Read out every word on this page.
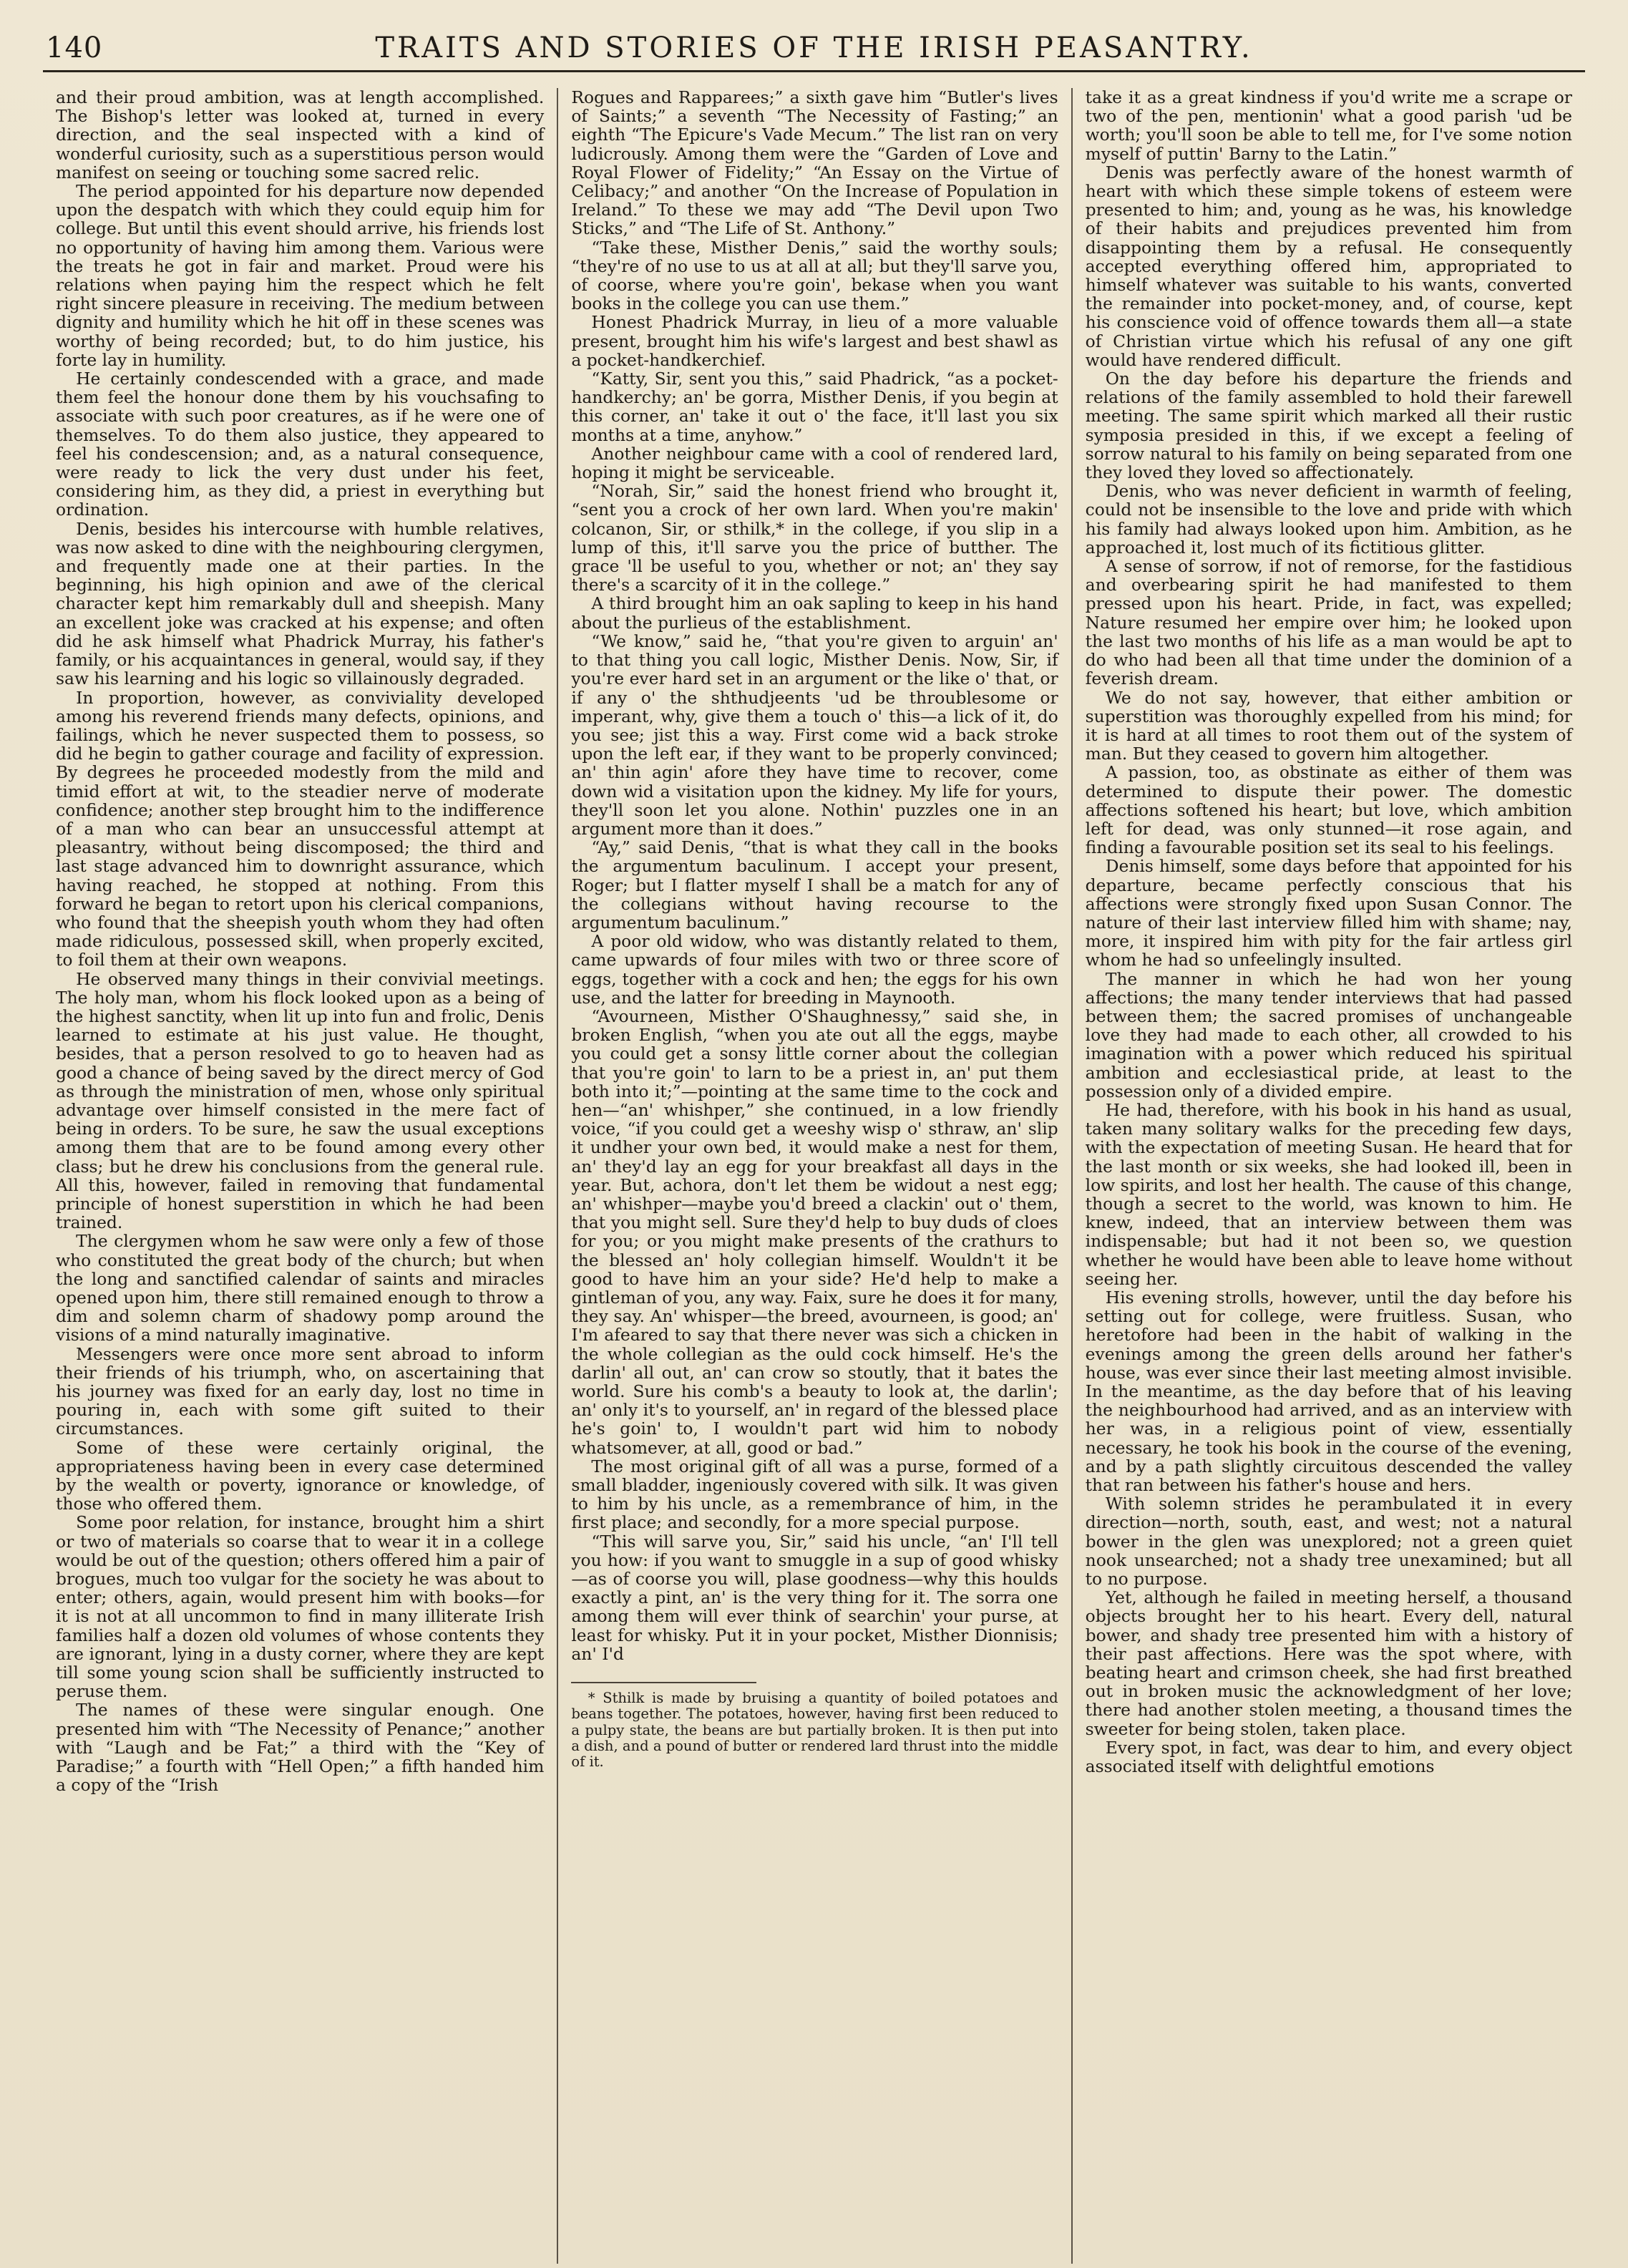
140	TRAITS AND STORIES OF THE IRISH PEASANTRY.

and their proud ambition, was at length accomplished. The Bishop's letter was looked at, turned in every direction, and the seal inspected with a kind of wonderful curiosity, such as a superstitious person would manifest on seeing or touching some sacred relic.

The period appointed for his departure now depended upon the despatch with which they could equip him for college. But until this event should arrive, his friends lost no opportunity of having him among them. Various were the treats he got in fair and market. Proud were his relations when paying him the respect which he felt right sincere pleasure in receiving. The medium between dignity and humility which he hit off in these scenes was worthy of being recorded; but, to do him justice, his forte lay in humility.

He certainly condescended with a grace, and made them feel the honour done them by his vouchsafing to associate with such poor creatures, as if he were one of themselves. To do them also justice, they appeared to feel his condescension; and, as a natural consequence, were ready to lick the very dust under his feet, considering him, as they did, a priest in everything but ordination.

Denis, besides his intercourse with humble relatives, was now asked to dine with the neighbouring clergymen, and frequently made one at their parties. In the beginning, his high opinion and awe of the clerical character kept him remarkably dull and sheepish. Many an excellent joke was cracked at his expense; and often did he ask himself what Phadrick Murray, his father's family, or his acquaintances in general, would say, if they saw his learning and his logic so villainously degraded.

In proportion, however, as conviviality developed among his reverend friends many defects, opinions, and failings, which he never suspected them to possess, so did he begin to gather courage and facility of expression. By degrees he proceeded modestly from the mild and timid effort at wit, to the steadier nerve of moderate confidence; another step brought him to the indifference of a man who can bear an unsuccessful attempt at pleasantry, without being discomposed; the third and last stage advanced him to downright assurance, which having reached, he stopped at nothing. From this forward he began to retort upon his clerical companions, who found that the sheepish youth whom they had often made ridiculous, possessed skill, when properly excited, to foil them at their own weapons.

He observed many things in their convivial meetings. The holy man, whom his flock looked upon as a being of the highest sanctity, when lit up into fun and frolic, Denis learned to estimate at his just value. He thought, besides, that a person resolved to go to heaven had as good a chance of being saved by the direct mercy of God as through the ministration of men, whose only spiritual advantage over himself consisted in the mere fact of being in orders. To be sure, he saw the usual exceptions among them that are to be found among every other class; but he drew his conclusions from the general rule. All this, however, failed in removing that fundamental principle of honest superstition in which he had been trained.

The clergymen whom he saw were only a few of those who constituted the great body of the church; but when the long and sanctified calendar of saints and miracles opened upon him, there still remained enough to throw a dim and solemn charm of shadowy pomp around the visions of a mind naturally imaginative.

Messengers were once more sent abroad to inform their friends of his triumph, who, on ascertaining that his journey was fixed for an early day, lost no time in pouring in, each with some gift suited to their circumstances.

Some of these were certainly original, the appropriateness having been in every case determined by the wealth or poverty, ignorance or knowledge, of those who offered them.

Some poor relation, for instance, brought him a shirt or two of materials so coarse that to wear it in a college would be out of the question; others offered him a pair of brogues, much too vulgar for the society he was about to enter; others, again, would present him with books—for it is not at all uncommon to find in many illiterate Irish families half a dozen old volumes of whose contents they are ignorant, lying in a dusty corner, where they are kept till some young scion shall be sufficiently instructed to peruse them.

The names of these were singular enough. One presented him with “The Necessity of Penance;” another with “Laugh and be Fat;” a third with the “Key of Paradise;” a fourth with “Hell Open;” a fifth handed him a copy of the “Irish

Rogues and Rapparees;” a sixth gave him “Butler's lives of Saints;” a seventh “The Necessity of Fasting;” an eighth “The Epicure's Vade Mecum.” The list ran on very ludicrously. Among them were the “Garden of Love and Royal Flower of Fidelity;” “An Essay on the Virtue of Celibacy;” and another “On the Increase of Population in Ireland.” To these we may add “The Devil upon Two Sticks,” and “The Life of St. Anthony.”

“Take these, Misther Denis,” said the worthy souls; “they're of no use to us at all at all; but they'll sarve you, of coorse, where you're goin', bekase when you want books in the college you can use them.”

Honest Phadrick Murray, in lieu of a more valuable present, brought him his wife's largest and best shawl as a pocket-handkerchief.

“Katty, Sir, sent you this,” said Phadrick, “as a pocket-handkerchy; an' be gorra, Misther Denis, if you begin at this corner, an' take it out o' the face, it'll last you six months at a time, anyhow.”

Another neighbour came with a cool of rendered lard, hoping it might be serviceable.

“Norah, Sir,” said the honest friend who brought it, “sent you a crock of her own lard. When you're makin' colcanon, Sir, or sthilk,* in the college, if you slip in a lump of this, it'll sarve you the price of butther. The grace 'll be useful to you, whether or not; an' they say there's a scarcity of it in the college.”

A third brought him an oak sapling to keep in his hand about the purlieus of the establishment.

“We know,” said he, “that you're given to arguin' an' to that thing you call logic, Misther Denis. Now, Sir, if you're ever hard set in an argument or the like o' that, or if any o' the shthudjeents 'ud be throublesome or imperant, why, give them a touch o' this—a lick of it, do you see; jist this a way. First come wid a back stroke upon the left ear, if they want to be properly convinced; an' thin agin' afore they have time to recover, come down wid a visitation upon the kidney. My life for yours, they'll soon let you alone. Nothin' puzzles one in an argument more than it does.”

“Ay,” said Denis, “that is what they call in the books the argumentum baculinum. I accept your present, Roger; but I flatter myself I shall be a match for any of the collegians without having recourse to the argumentum baculinum.”

A poor old widow, who was distantly related to them, came upwards of four miles with two or three score of eggs, together with a cock and hen; the eggs for his own use, and the latter for breeding in Maynooth.

“Avourneen, Misther O'Shaughnessy,” said she, in broken English, “when you ate out all the eggs, maybe you could get a sonsy little corner about the collegian that you're goin' to larn to be a priest in, an' put them both into it;”—pointing at the same time to the cock and hen—“an' whishper,” she continued, in a low friendly voice, “if you could get a weeshy wisp o' sthraw, an' slip it undher your own bed, it would make a nest for them, an' they'd lay an egg for your breakfast all days in the year. But, achora, don't let them be widout a nest egg; an' whishper—maybe you'd breed a clackin' out o' them, that you might sell. Sure they'd help to buy duds of cloes for you; or you might make presents of the crathurs to the blessed an' holy collegian himself. Wouldn't it be good to have him an your side? He'd help to make a gintleman of you, any way. Faix, sure he does it for many, they say. An' whisper—the breed, avourneen, is good; an' I'm afeared to say that there never was sich a chicken in the whole collegian as the ould cock himself. He's the darlin' all out, an' can crow so stoutly, that it bates the world. Sure his comb's a beauty to look at, the darlin'; an' only it's to yourself, an' in regard of the blessed place he's goin' to, I wouldn't part wid him to nobody whatsomever, at all, good or bad.”

The most original gift of all was a purse, formed of a small bladder, ingeniously covered with silk. It was given to him by his uncle, as a remembrance of him, in the first place; and secondly, for a more special purpose.

“This will sarve you, Sir,” said his uncle, “an' I'll tell you how: if you want to smuggle in a sup of good whisky—as of coorse you will, plase goodness—why this houlds exactly a pint, an' is the very thing for it. The sorra one among them will ever think of searchin' your purse, at least for whisky. Put it in your pocket, Misther Dionnisis; an' I'd

* Sthilk is made by bruising a quantity of boiled potatoes and beans together. The potatoes, however, having first been reduced to a pulpy state, the beans are but partially broken. It is then put into a dish, and a pound of butter or rendered lard thrust into the middle of it.

take it as a great kindness if you'd write me a scrape or two of the pen, mentionin' what a good parish 'ud be worth; you'll soon be able to tell me, for I've some notion myself of puttin' Barny to the Latin.”

Denis was perfectly aware of the honest warmth of heart with which these simple tokens of esteem were presented to him; and, young as he was, his knowledge of their habits and prejudices prevented him from disappointing them by a refusal. He consequently accepted everything offered him, appropriated to himself whatever was suitable to his wants, converted the remainder into pocket-money, and, of course, kept his conscience void of offence towards them all—a state of Christian virtue which his refusal of any one gift would have rendered difficult.

On the day before his departure the friends and relations of the family assembled to hold their farewell meeting. The same spirit which marked all their rustic symposia presided in this, if we except a feeling of sorrow natural to his family on being separated from one they loved they loved so affectionately.

Denis, who was never deficient in warmth of feeling, could not be insensible to the love and pride with which his family had always looked upon him. Ambition, as he approached it, lost much of its fictitious glitter.

A sense of sorrow, if not of remorse, for the fastidious and overbearing spirit he had manifested to them pressed upon his heart. Pride, in fact, was expelled; Nature resumed her empire over him; he looked upon the last two months of his life as a man would be apt to do who had been all that time under the dominion of a feverish dream.

We do not say, however, that either ambition or superstition was thoroughly expelled from his mind; for it is hard at all times to root them out of the system of man. But they ceased to govern him altogether.

A passion, too, as obstinate as either of them was determined to dispute their power. The domestic affections softened his heart; but love, which ambition left for dead, was only stunned—it rose again, and finding a favourable position set its seal to his feelings.

Denis himself, some days before that appointed for his departure, became perfectly conscious that his affections were strongly fixed upon Susan Connor. The nature of their last interview filled him with shame; nay, more, it inspired him with pity for the fair artless girl whom he had so unfeelingly insulted.

The manner in which he had won her young affections; the many tender interviews that had passed between them; the sacred promises of unchangeable love they had made to each other, all crowded to his imagination with a power which reduced his spiritual ambition and ecclesiastical pride, at least to the possession only of a divided empire.

He had, therefore, with his book in his hand as usual, taken many solitary walks for the preceding few days, with the expectation of meeting Susan. He heard that for the last month or six weeks, she had looked ill, been in low spirits, and lost her health. The cause of this change, though a secret to the world, was known to him. He knew, indeed, that an interview between them was indispensable; but had it not been so, we question whether he would have been able to leave home without seeing her.

His evening strolls, however, until the day before his setting out for college, were fruitless. Susan, who heretofore had been in the habit of walking in the evenings among the green dells around her father's house, was ever since their last meeting almost invisible. In the meantime, as the day before that of his leaving the neighbourhood had arrived, and as an interview with her was, in a religious point of view, essentially necessary, he took his book in the course of the evening, and by a path slightly circuitous descended the valley that ran between his father's house and hers.

With solemn strides he perambulated it in every direction—north, south, east, and west; not a natural bower in the glen was unexplored; not a green quiet nook unsearched; not a shady tree unexamined; but all to no purpose.

Yet, although he failed in meeting herself, a thousand objects brought her to his heart. Every dell, natural bower, and shady tree presented him with a history of their past affections. Here was the spot where, with beating heart and crimson cheek, she had first breathed out in broken music the acknowledgment of her love; there had another stolen meeting, a thousand times the sweeter for being stolen, taken place.

Every spot, in fact, was dear to him, and every object associated itself with delightful emotions
